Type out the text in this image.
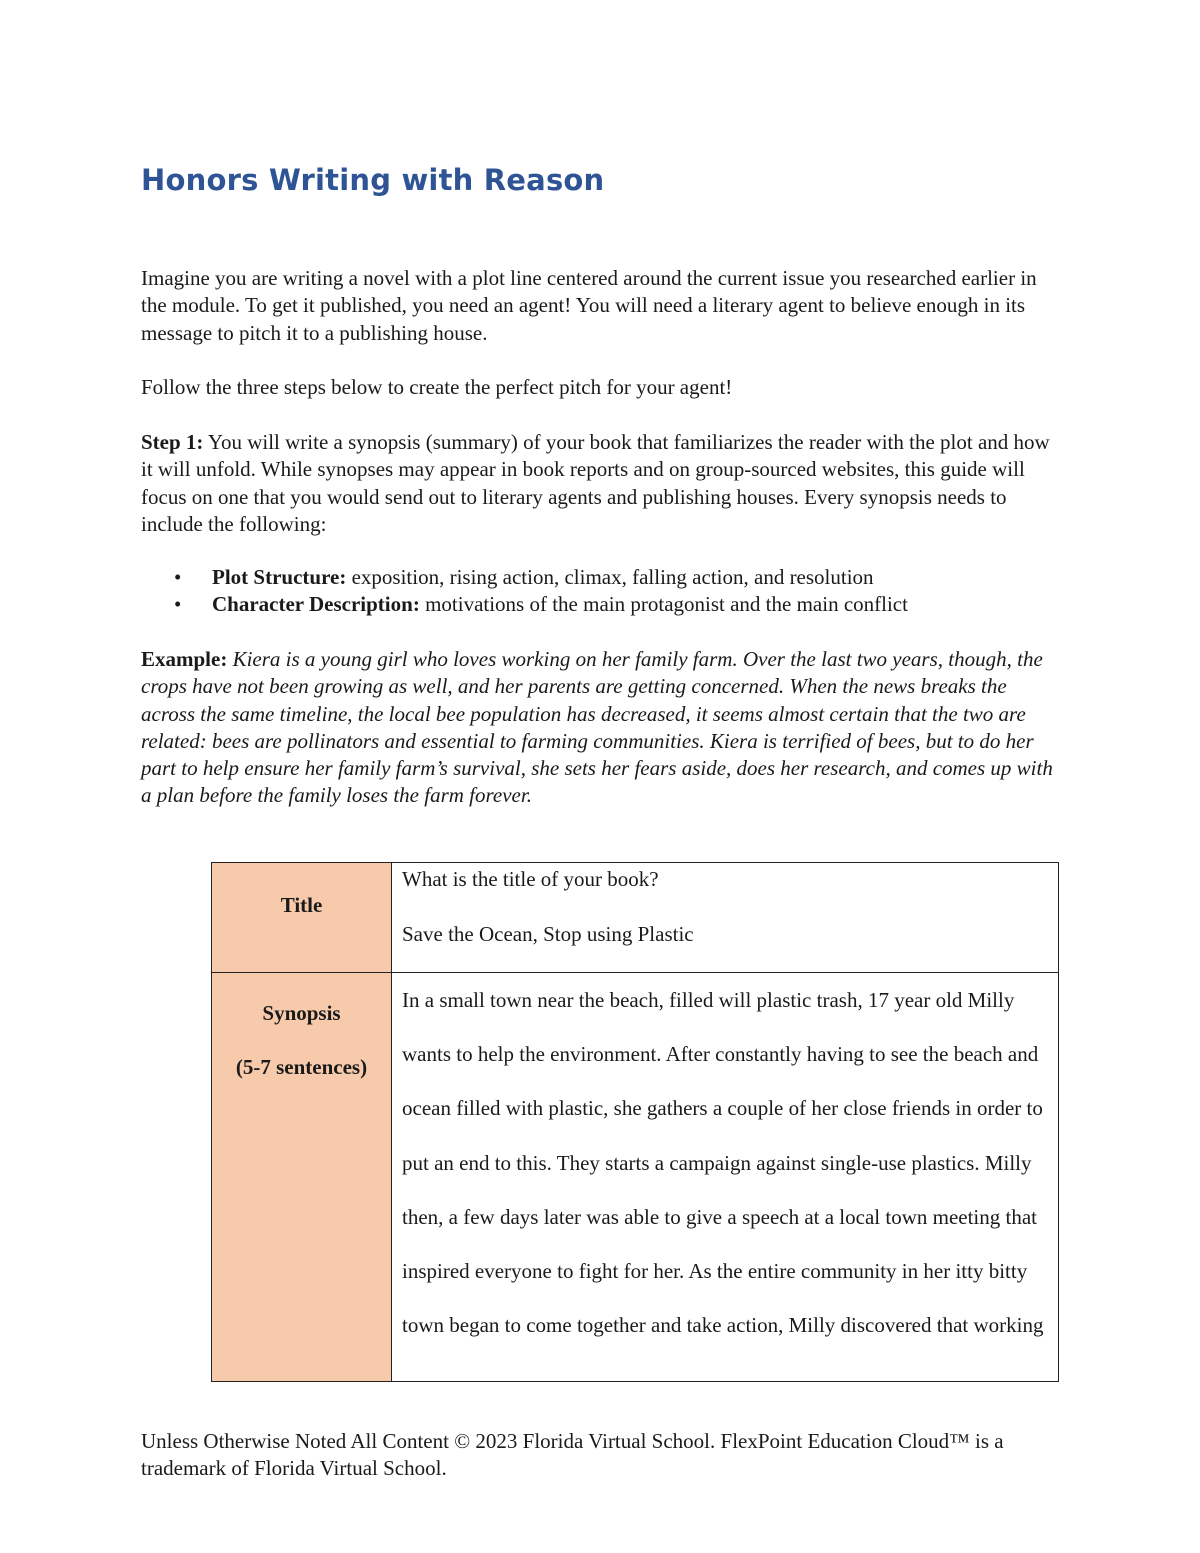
Honors Writing with Reason

Imagine you are writing a novel with a plot line centered around the current issue you researched earlier in the module. To get it published, you need an agent! You will need a literary agent to believe enough in its message to pitch it to a publishing house.

Follow the three steps below to create the perfect pitch for your agent!

Step 1: You will write a synopsis (summary) of your book that familiarizes the reader with the plot and how it will unfold. While synopses may appear in book reports and on group-sourced websites, this guide will focus on one that you would send out to literary agents and publishing houses. Every synopsis needs to include the following:

• Plot Structure: exposition, rising action, climax, falling action, and resolution
• Character Description: motivations of the main protagonist and the main conflict

Example: Kiera is a young girl who loves working on her family farm. Over the last two years, though, the crops have not been growing as well, and her parents are getting concerned. When the news breaks the across the same timeline, the local bee population has decreased, it seems almost certain that the two are related: bees are pollinators and essential to farming communities. Kiera is terrified of bees, but to do her part to help ensure her family farm’s survival, she sets her fears aside, does her research, and comes up with a plan before the family loses the farm forever.

Title	What is the title of your book?

Save the Ocean, Stop using Plastic

Synopsis
(5-7 sentences)	In a small town near the beach, filled will plastic trash, 17 year old Milly wants to help the environment. After constantly having to see the beach and ocean filled with plastic, she gathers a couple of her close friends in order to put an end to this. They starts a campaign against single-use plastics. Milly then, a few days later was able to give a speech at a local town meeting that inspired everyone to fight for her. As the entire community in her itty bitty town began to come together and take action, Milly discovered that working

Unless Otherwise Noted All Content © 2023 Florida Virtual School. FlexPoint Education Cloud™ is a trademark of Florida Virtual School.
